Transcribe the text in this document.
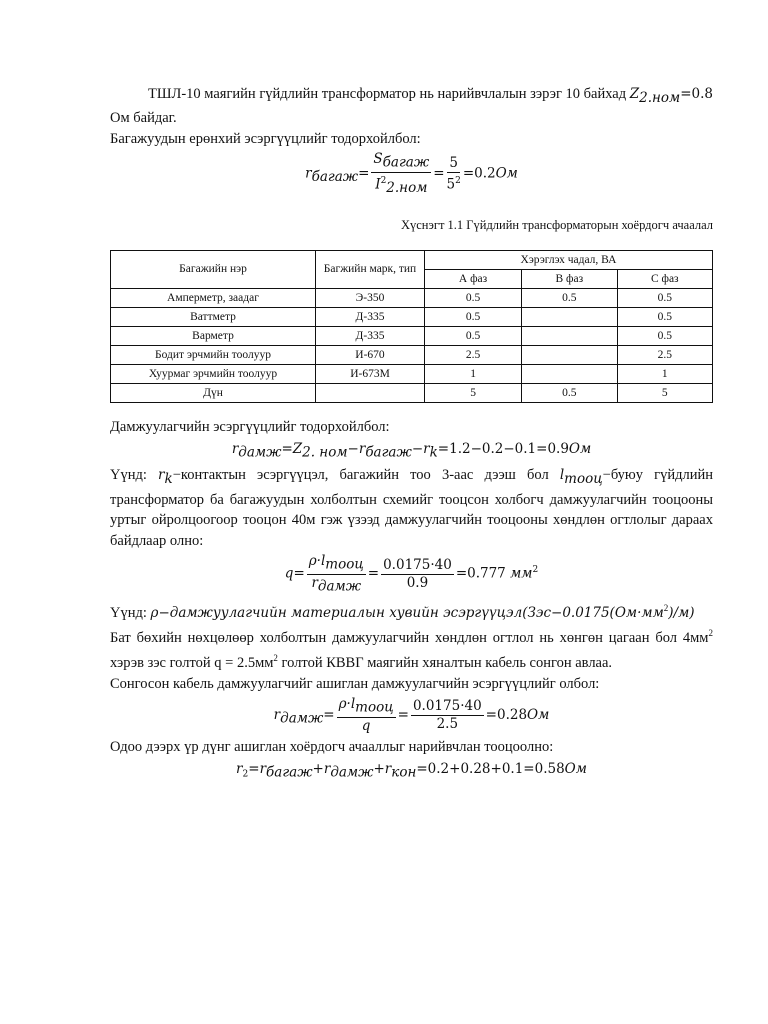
ТШЛ-10 маягийн гүйдлийн трансформатор нь нарийвчлалын зэрэг 10 байхад $Z_{2.ном}=0.8$ Ом байдаг.

Багажуудын ерөнхий эсэргүүцлийг тодорхойлбол:

$r_{багаж}= \frac{S_{багаж}}{I^2_{2.ном}} = \frac{5}{5^2} =0.2Ом$
Хүснэгт 1.1 Гүйдлийн трансформаторын хоёрдогч ачаалал
Багажийн нэр	Багжийн марк, тип	Хэрэглэх чадал, ВА		
		А фаз	В фаз	С фаз
Амперметр, заадаг	Э-350	0.5	0.5	0.5
Ваттметр	Д-335	0.5		0.5
Варметр	Д-335	0.5		0.5
Бодит эрчмийн тоолуур	И-670	2.5		2.5
Хуурмаг эрчмийн тоолуур	И-673М	1		1
Дүн		5	0.5	5

Дамжуулагчийн эсэргүүцлийг тодорхойлбол:

$r_{дамж}=Z_{2. ном}-r_{багаж}-r_k=1.2-0.2-0.1=0.9Ом$

Үүнд: $r_k-контактын$ эсэргүүцэл, багажийн тоо 3-аас дээш бол $l_{тооц}-буюу$ гүйдлийн трансформатор ба багажуудын холболтын схемийг тооцсон холбогч дамжуулагчийн тооцооны уртыг ойролцоогоор тооцон 40м гэж үзээд дамжуулагчийн тооцооны хөндлөн огтлолыг дараах байдлаар олно:

$q= \frac{\rho\cdot l_{тооц}}{r_{дамж}} = \frac{0.0175\cdot 40}{0.9} =0.777$ $мм^2$

Үүнд: ρ−дамжуулагчийн материалын хувийн $эсэргүүцэл(Зэс-0.0175(Ом\cdot мм^2)/м)$

Бат бөхийн нөхцөлөөр холболтын дамжуулагчийн хөндлөн огтлол нь хөнгөн цагаан бол $4мм^2$ хэрэв зэс голтой $q = 2.5мм^2$ голтой КВВГ маягийн хяналтын кабель сонгон авлаа.

Сонгосон кабель дамжуулагчийг ашиглан дамжуулагчийн эсэргүүцлийг олбол:

$r_{дамж}= \frac{\rho\cdot l_{тооц}}{q} = \frac{0.0175\cdot 40}{2.5} =0.28Ом$

Одоо дээрх үр дүнг ашиглан хоёрдогч ачааллыг нарийвчлан тооцоолно:

$r_2=r_{багаж}+r_{дамж}+r_{кон}=0.2+0.28+0.1=0.58Ом$
